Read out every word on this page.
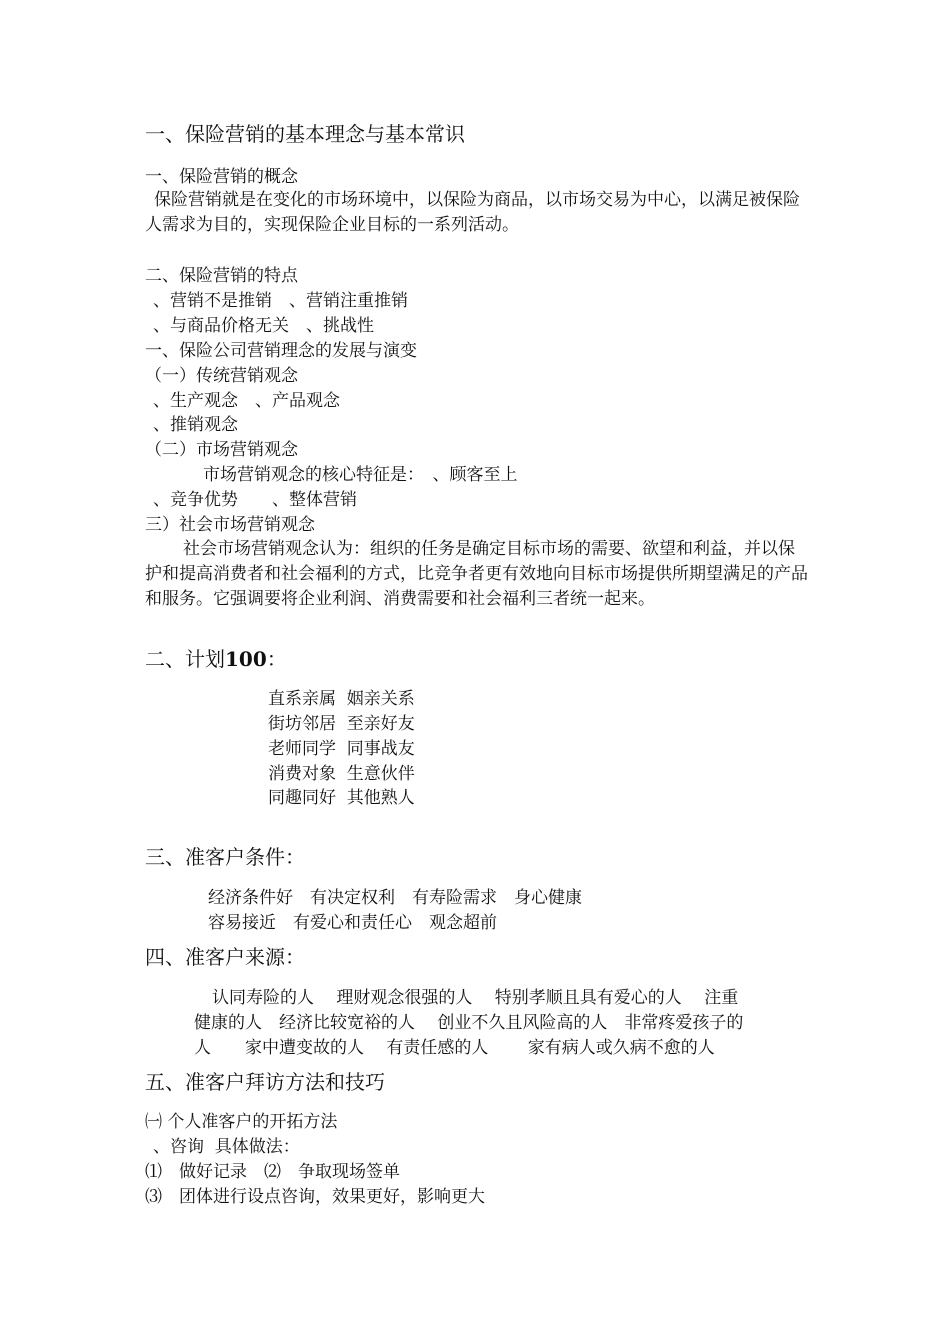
一、保险营销的基本理念与基本常识
一、保险营销的概念
保险营销就是在变化的市场环境中，以保险为商品，以市场交易为中心，以满足被保险人需求为目的，实现保险企业目标的一系列活动。
二、保险营销的特点
、营销不是推销　、营销注重推销
、与商品价格无关　、挑战性
一、保险公司营销理念的发展与演变
（一）传统营销观念
、生产观念　、产品观念
、推销观念
（二）市场营销观念
市场营销观念的核心特征是：　、顾客至上
、竞争优势　　、整体营销
三）社会市场营销观念
社会市场营销观念认为：组织的任务是确定目标市场的需要、欲望和利益，并以保护和提高消费者和社会福利的方式，比竞争者更有效地向目标市场提供所期望满足的产品和服务。它强调要将企业利润、消费需要和社会福利三者统一起来。
二、计划100：
直系亲属  姻亲关系
街坊邻居  至亲好友
老师同学  同事战友
消费对象  生意伙伴
同趣同好  其他熟人
三、准客户条件：
经济条件好　有决定权利　有寿险需求　身心健康
容易接近　有爱心和责任心　观念超前
四、准客户来源：
认同寿险的人　 理财观念很强的人　 特别孝顺且具有爱心的人　 注重
健康的人　经济比较宽裕的人　 创业不久且风险高的人　非常疼爱孩子的
人　　家中遭变故的人　 有责任感的人　　 家有病人或久病不愈的人
五、准客户拜访方法和技巧
㈠ 个人准客户的开拓方法
、咨询  具体做法：
⑴　做好记录　⑵　争取现场签单
⑶　团体进行设点咨询，效果更好，影响更大
